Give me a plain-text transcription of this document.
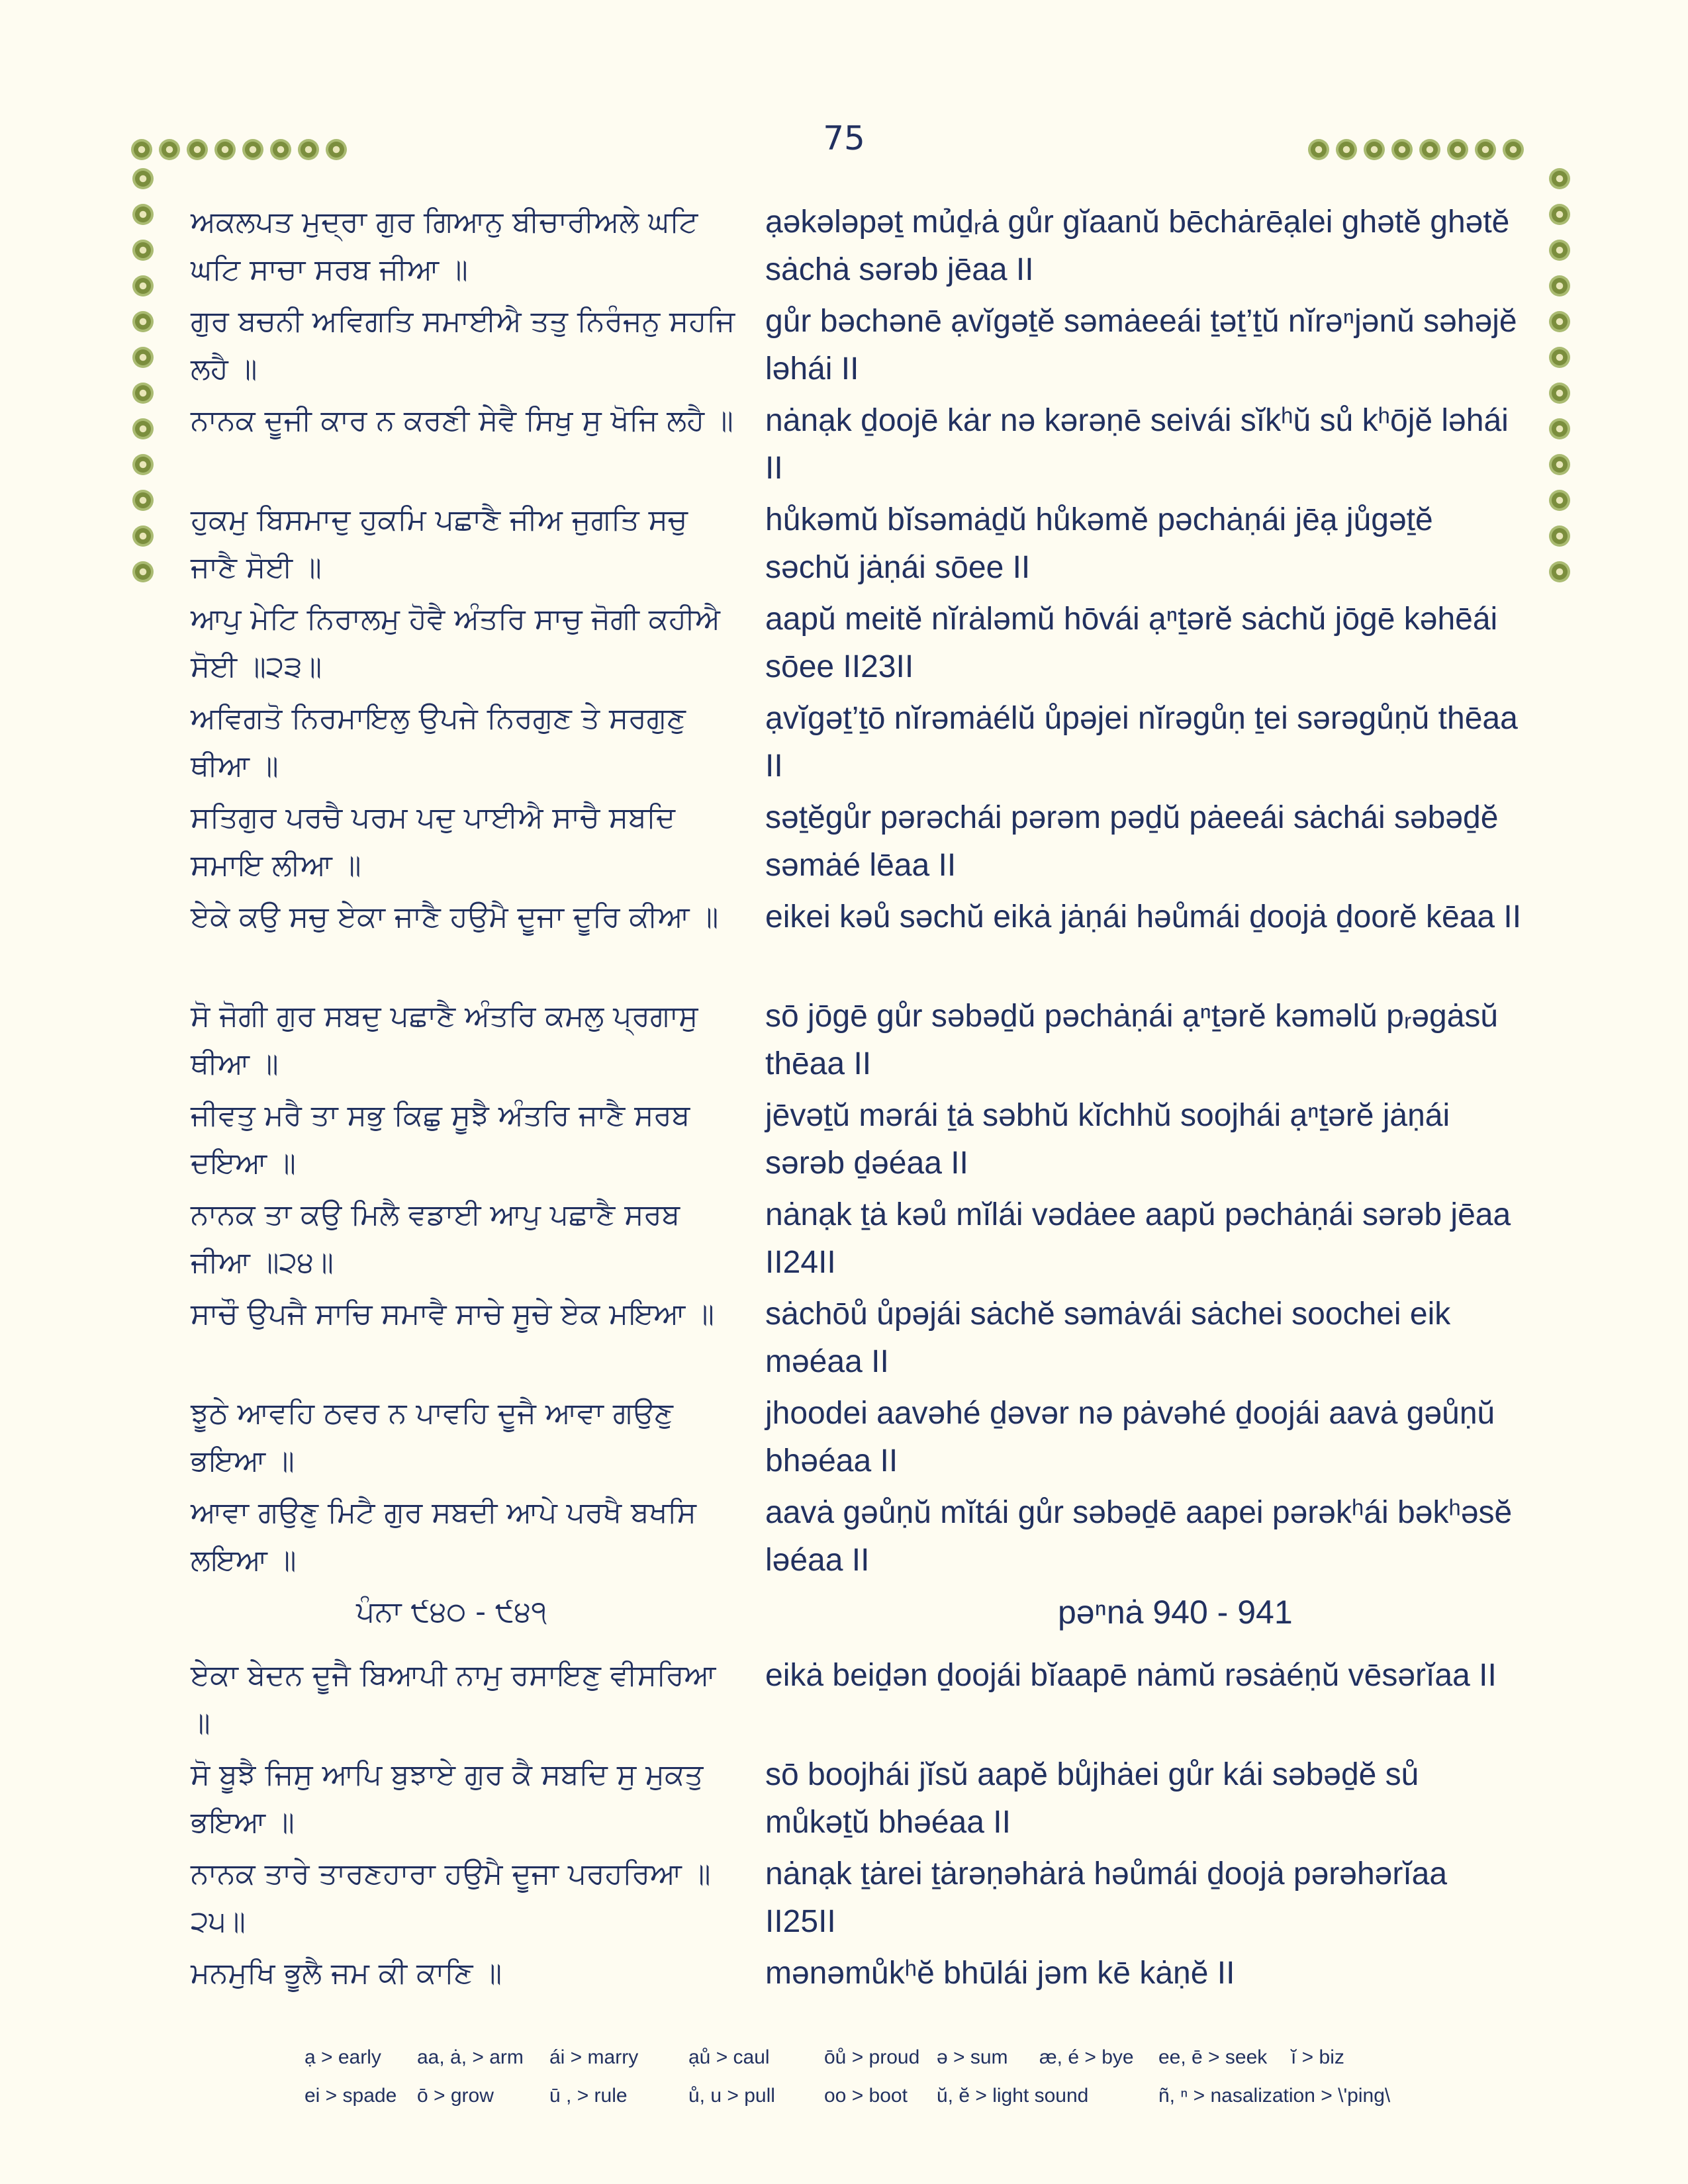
75
ਅਕਲਪਤ ਮੁਦ੍ਰਾ ਗੁਰ ਗਿਆਨੁ ਬੀਚਾਰੀਅਲੇ ਘਟਿ ਘਟਿ ਸਾਚਾ ਸਰਬ ਜੀਆ ॥
ạəkələpəṯ mủḏᵣȧ gůr gĭaanŭ bēchȧrēạlei ghətĕ ghətĕ sȧchȧ sərəb jēaa II
ਗੁਰ ਬਚਨੀ ਅਵਿਗਤਿ ਸਮਾਈਐ ਤਤੁ ਨਿਰੰਜਨੁ ਸਹਜਿ ਲਹੈ ॥
gůr bəchənē ạvĭgəṯĕ səmȧeeái ṯəṯ’ṯŭ nĭrəⁿjənŭ səhəjĕ ləhái II
ਨਾਨਕ ਦੂਜੀ ਕਾਰ ਨ ਕਰਣੀ ਸੇਵੈ ਸਿਖੁ ਸੁ ਖੋਜਿ ਲਹੈ ॥ nȧnạk ḏoojē kȧr nə kərəṇē seivái sĭkʰŭ sů kʰōjĕ ləhái II
ਹੁਕਮੁ ਬਿਸਮਾਦੁ ਹੁਕਮਿ ਪਛਾਣੈ ਜੀਅ ਜੁਗਤਿ ਸਚੁ ਜਾਣੈ ਸੋਈ ॥
hůkəmŭ bĭsəmȧḏŭ hůkəmĕ pəchȧṇái jēạ jůgəṯĕ səchŭ jȧṇái sōee II
ਆਪੁ ਮੇਟਿ ਨਿਰਾਲਮੁ ਹੋਵੈ ਅੰਤਰਿ ਸਾਚੁ ਜੋਗੀ ਕਹੀਐ ਸੋਈ ॥੨੩॥
aapŭ meitĕ nĭrȧləmŭ hōvái ạⁿṯərĕ sȧchŭ jōgē kəhēái sōee II23II
ਅਵਿਗਤੋ ਨਿਰਮਾਇਲੁ ਉਪਜੇ ਨਿਰਗੁਣ ਤੇ ਸਰਗੁਣੁ ਥੀਆ ॥
ạvĭgəṯ’ṯō nĭrəmȧélŭ ůpəjei nĭrəgůṇ ṯei sərəgůṇŭ thēaa II
ਸਤਿਗੁਰ ਪਰਚੈ ਪਰਮ ਪਦੁ ਪਾਈਐ ਸਾਚੈ ਸਬਦਿ ਸਮਾਇ ਲੀਆ ॥
səṯĕgůr pərəchái pərəm pəḏŭ pȧeeái sȧchái səbəḏĕ səmȧé lēaa II
ਏਕੇ ਕਉ ਸਚੁ ਏਕਾ ਜਾਣੈ ਹਉਮੈ ਦੂਜਾ ਦੂਰਿ ਕੀਆ ॥	eikei kəů səchŭ eikȧ jȧṇái həůmái ḏoojȧ ḏoorĕ kēaa II
ਸੋ ਜੋਗੀ ਗੁਰ ਸਬਦੁ ਪਛਾਣੈ ਅੰਤਰਿ ਕਮਲੁ ਪ੍ਰਗਾਸੁ ਥੀਆ ॥
sō jōgē gůr səbəḏŭ pəchȧṇái ạⁿṯərĕ kəməlŭ pᵣəgȧsŭ thēaa II
ਜੀਵਤੁ ਮਰੈ ਤਾ ਸਭੁ ਕਿਛੁ ਸੂਝੈ ਅੰਤਰਿ ਜਾਣੈ ਸਰਬ ਦਇਆ ॥
jēvəṯŭ mərái ṯȧ səbhŭ kĭchhŭ soojhái ạⁿṯərĕ jȧṇái sərəb ḏəéaa II
ਨਾਨਕ ਤਾ ਕਉ ਮਿਲੈ ਵਡਾਈ ਆਪੁ ਪਛਾਣੈ ਸਰਬ ਜੀਆ ॥੨੪॥
nȧnạk ṯȧ kəů mĭlái vədȧee aapŭ pəchȧṇái sərəb jēaa II24II
ਸਾਚੌ ਉਪਜੈ ਸਾਚਿ ਸਮਾਵੈ ਸਾਚੇ ਸੂਚੇ ਏਕ ਮਇਆ ॥	sȧchōů ůpəjái sȧchĕ səmȧvái sȧchei soochei eik məéaa II
ਝੂਠੇ ਆਵਹਿ ਠਵਰ ਨ ਪਾਵਹਿ ਦੂਜੈ ਆਵਾ ਗਉਣੁ ਭਇਆ ॥
jhoodei aavəhé ḏəvər nə pȧvəhé ḏoojái aavȧ gəůṇŭ bhəéaa II
ਆਵਾ ਗਉਣੁ ਮਿਟੈ ਗੁਰ ਸਬਦੀ ਆਪੇ ਪਰਖੈ ਬਖਸਿ ਲਇਆ ॥
aavȧ gəůṇŭ mĭtái gůr səbəḏē aapei pərəkʰái bəkʰəsĕ ləéaa II
ਪੰਨਾ ੯੪੦ - ੯੪੧	pəⁿnȧ 940 - 941
ਏਕਾ ਬੇਦਨ ਦੂਜੈ ਬਿਆਪੀ ਨਾਮੁ ਰਸਾਇਣੁ ਵੀਸਰਿਆ ॥
eikȧ beiḏən ḏoojái bĭaapē nȧmŭ rəsȧéṇŭ vēsərĭaa II
ਸੋ ਬੂਝੈ ਜਿਸੁ ਆਪਿ ਬੁਝਾਏ ਗੁਰ ਕੈ ਸਬਦਿ ਸੁ ਮੁਕਤੁ ਭਇਆ ॥
sō boojhái jĭsŭ aapĕ bůjhȧei gůr kái səbəḏĕ sů můkəṯŭ bhəéaa II
ਨਾਨਕ ਤਾਰੇ ਤਾਰਣਹਾਰਾ ਹਉਮੈ ਦੂਜਾ ਪਰਹਰਿਆ ॥੨੫॥
nȧnạk ṯȧrei ṯȧrəṇəhȧrȧ həůmái ḏoojȧ pərəhərĭaa II25II
ਮਨਮੁਖਿ ਭੂਲੈ ਜਮ ਕੀ ਕਾਣਿ ॥	mənəmůkʰĕ bhūlái jəm kē kȧṇĕ II
ạ > early	aa, ȧ, > arm	ái > marry	ạů > caul	ōů > proud ə > sum	æ, é > bye	ee, ē > seek	ĭ > biz
ei > spade	ō > grow	ū , > rule	ů, u > pull	oo > boot	ŭ, ĕ > light sound	ñ, ⁿ > nasalization > \'ping\
